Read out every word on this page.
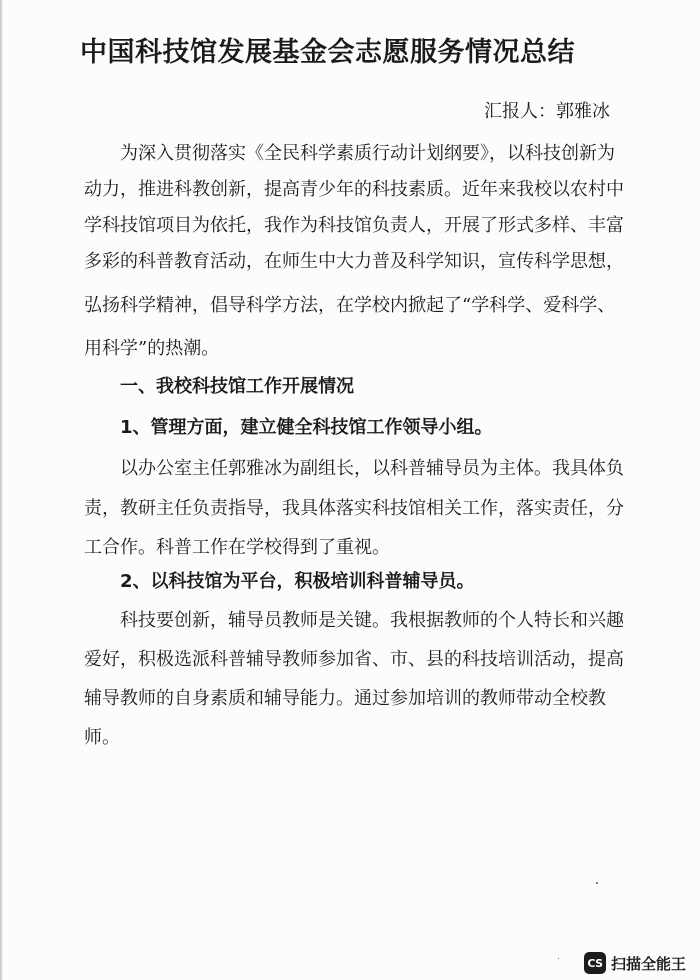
中国科技馆发展基金会志愿服务情况总结
汇报人：郭雅冰
为深入贯彻落实《全民科学素质行动计划纲要》，以科技创新为
动力，推进科教创新，提高青少年的科技素质。近年来我校以农村中
学科技馆项目为依托，我作为科技馆负责人，开展了形式多样、丰富
多彩的科普教育活动，在师生中大力普及科学知识，宣传科学思想，
弘扬科学精神，倡导科学方法，在学校内掀起了“学科学、爱科学、
用科学”的热潮。
一、我校科技馆工作开展情况
1、管理方面，建立健全科技馆工作领导小组。
以办公室主任郭雅冰为副组长，以科普辅导员为主体。我具体负
责，教研主任负责指导，我具体落实科技馆相关工作，落实责任，分
工合作。科普工作在学校得到了重视。
2、以科技馆为平台，积极培训科普辅导员。
科技要创新，辅导员教师是关键。我根据教师的个人特长和兴趣
爱好，积极选派科普辅导教师参加省、市、县的科技培训活动，提高
辅导教师的自身素质和辅导能力。通过参加培训的教师带动全校教
师。
CS 扫描全能王
